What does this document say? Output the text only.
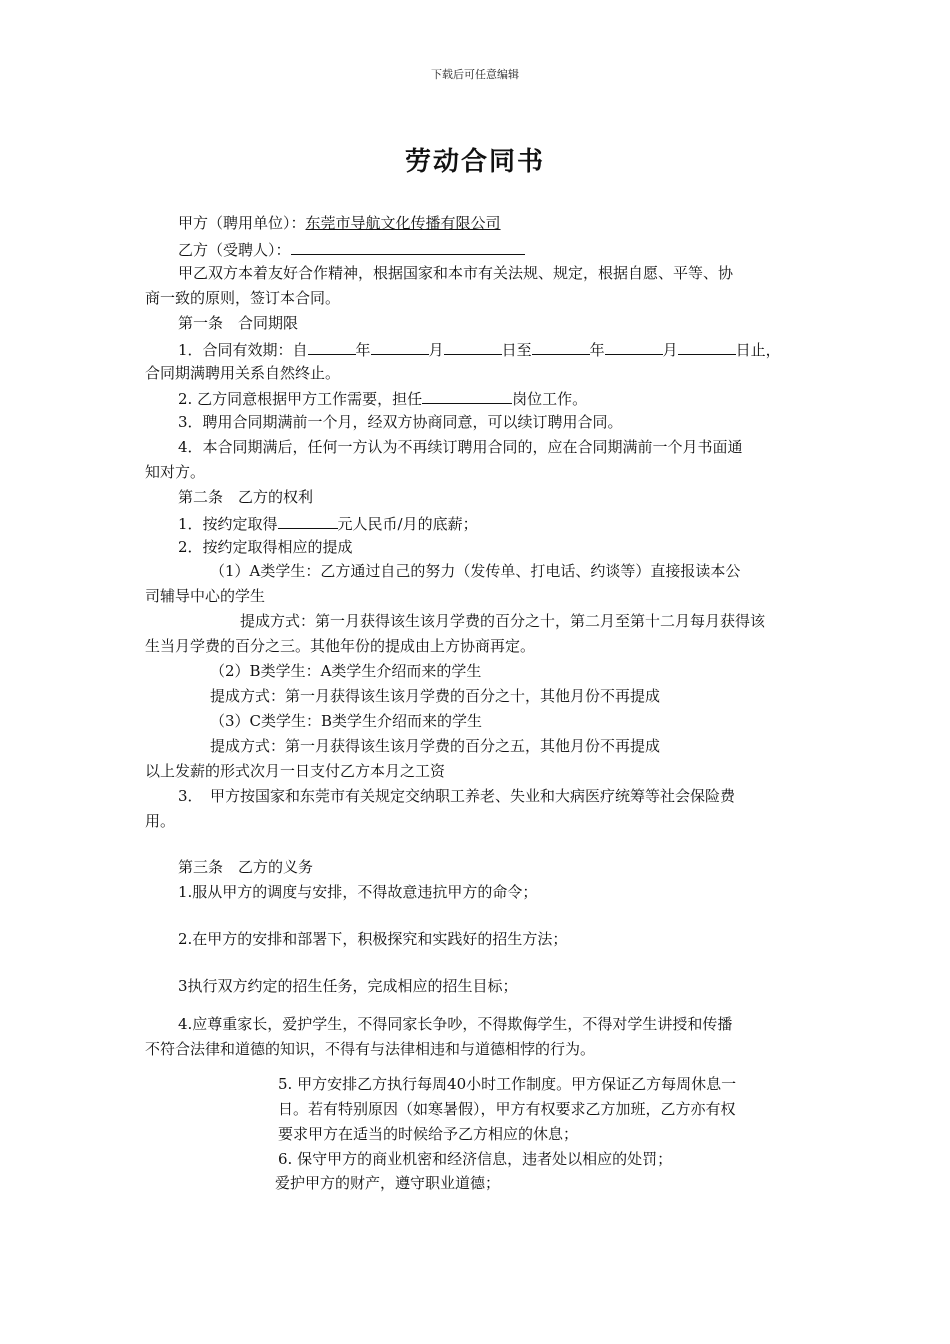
下载后可任意编辑
劳动合同书
甲方（聘用单位）：东莞市导航文化传播有限公司
乙方（受聘人）：
甲乙双方本着友好合作精神，根据国家和本市有关法规、规定，根据自愿、平等、协
商一致的原则，签订本合同。
第一条　合同期限
1．合同有效期：自	年	月	日至	年	月	日止，
合同期满聘用关系自然终止。
2. 乙方同意根据甲方工作需要，担任	岗位工作。
3．聘用合同期满前一个月，经双方协商同意，可以续订聘用合同。
4．本合同期满后，任何一方认为不再续订聘用合同的，应在合同期满前一个月书面通
知对方。
第二条　乙方的权利
1．按约定取得	元人民币/月的底薪；
2．按约定取得相应的提成
（1）A类学生：乙方通过自己的努力（发传单、打电话、约谈等）直接报读本公
司辅导中心的学生
提成方式：第一月获得该生该月学费的百分之十，第二月至第十二月每月获得该
生当月学费的百分之三。其他年份的提成由上方协商再定。
（2）B类学生：A类学生介绍而来的学生
提成方式：第一月获得该生该月学费的百分之十，其他月份不再提成
（3）C类学生：B类学生介绍而来的学生
提成方式：第一月获得该生该月学费的百分之五，其他月份不再提成
以上发薪的形式次月一日支付乙方本月之工资
3．　甲方按国家和东莞市有关规定交纳职工养老、失业和大病医疗统筹等社会保险费
用。
第三条　乙方的义务
1.服从甲方的调度与安排，不得故意违抗甲方的命令；
2.在甲方的安排和部署下，积极探究和实践好的招生方法；
3执行双方约定的招生任务，完成相应的招生目标；
4.应尊重家长，爱护学生，不得同家长争吵，不得欺侮学生，不得对学生讲授和传播
不符合法律和道德的知识，不得有与法律相违和与道德相悖的行为。
5. 甲方安排乙方执行每周40小时工作制度。甲方保证乙方每周休息一
日。若有特别原因（如寒暑假），甲方有权要求乙方加班，乙方亦有权
要求甲方在适当的时候给予乙方相应的休息；
6. 保守甲方的商业机密和经济信息，违者处以相应的处罚；
爱护甲方的财产，遵守职业道德；
